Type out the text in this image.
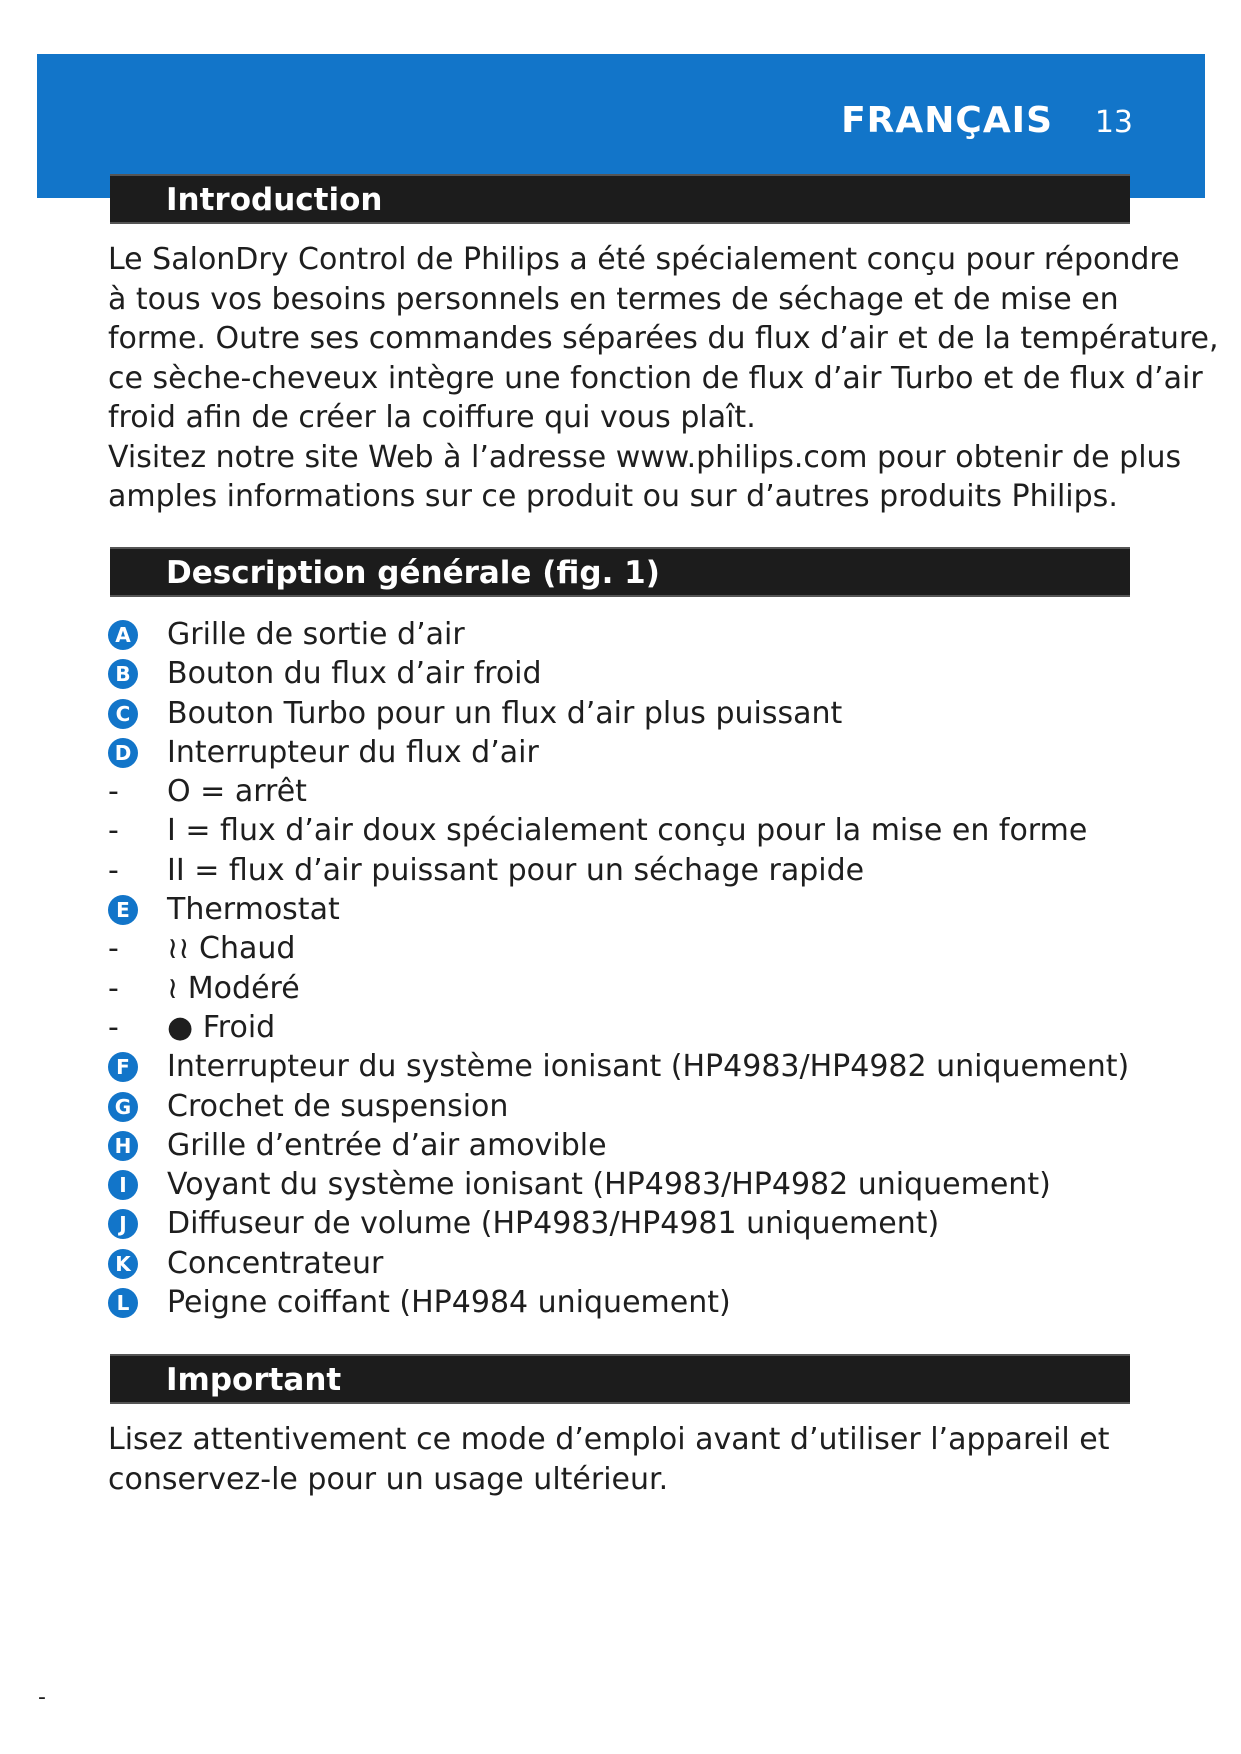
FRANÇAIS 13
Introduction
Le SalonDry Control de Philips a été spécialement conçu pour répondre
à tous vos besoins personnels en termes de séchage et de mise en
forme. Outre ses commandes séparées du flux d’air et de la température,
ce sèche-cheveux intègre une fonction de flux d’air Turbo et de flux d’air
froid afin de créer la coiffure qui vous plaît.
Visitez notre site Web à l’adresse www.philips.com pour obtenir de plus
amples informations sur ce produit ou sur d’autres produits Philips.
Description générale (fig. 1)
A Grille de sortie d’air
B Bouton du flux d’air froid
C Bouton Turbo pour un flux d’air plus puissant
D Interrupteur du flux d’air
- O = arrêt
- I = flux d’air doux spécialement conçu pour la mise en forme
- II = flux d’air puissant pour un séchage rapide
E Thermostat
- ≀≀ Chaud
- ≀ Modéré
- ● Froid
F Interrupteur du système ionisant (HP4983/HP4982 uniquement)
G Crochet de suspension
H Grille d’entrée d’air amovible
I	Voyant du système ionisant (HP4983/HP4982 uniquement)
J	Diffuseur de volume (HP4983/HP4981 uniquement)
K Concentrateur
L Peigne coiffant (HP4984 uniquement)
Important
Lisez attentivement ce mode d’emploi avant d’utiliser l’appareil et
conservez-le pour un usage ultérieur.
-
